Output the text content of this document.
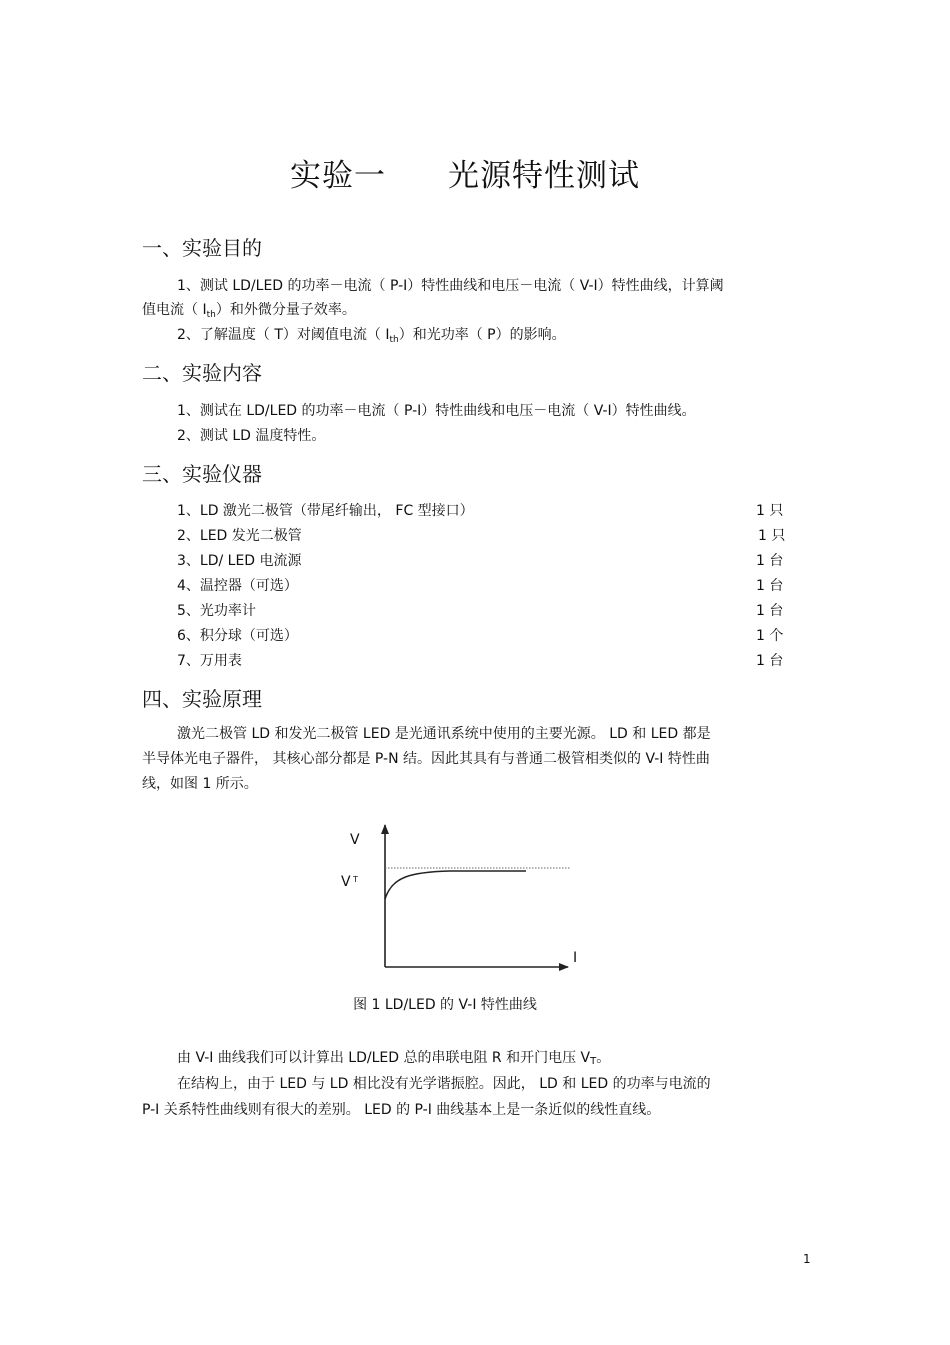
实验一 光源特性测试
一、实验目的
1、测试 LD/LED 的功率－电流（ P-I）特性曲线和电压－电流（ V-I）特性曲线，计算阈
值电流（ $I_{th}$）和外微分量子效率。
2、了解温度（ T）对阈值电流（ $I_{th}$）和光功率（ P）的影响。
二、实验内容
1、测试在 LD/LED 的功率－电流（ P-I）特性曲线和电压－电流（ V-I）特性曲线。
2、测试 LD 温度特性。
三、实验仪器
1、LD 激光二极管（带尾纤输出， FC 型接口）	1 只
2、LED 发光二极管	1 只
3、LD/ LED 电流源	1 台
4、温控器（可选）	1 台
5、光功率计	1 台
6、积分球（可选）	1 个
7、万用表	1 台
四、实验原理
激光二极管 LD 和发光二极管 LED 是光通讯系统中使用的主要光源。 LD 和 LED 都是
半导体光电子器件， 其核心部分都是 P-N 结。因此其具有与普通二极管相类似的 V-I 特性曲
线，如图 1 所示。
V
V T
I
图 1 LD/LED 的 V-I 特性曲线
由 V-I 曲线我们可以计算出 LD/LED 总的串联电阻 R 和开门电压 $V_T$。
在结构上，由于 LED 与 LD 相比没有光学谐振腔。因此， LD 和 LED 的功率与电流的
P-I 关系特性曲线则有很大的差别。 LED 的 P-I 曲线基本上是一条近似的线性直线。
1
